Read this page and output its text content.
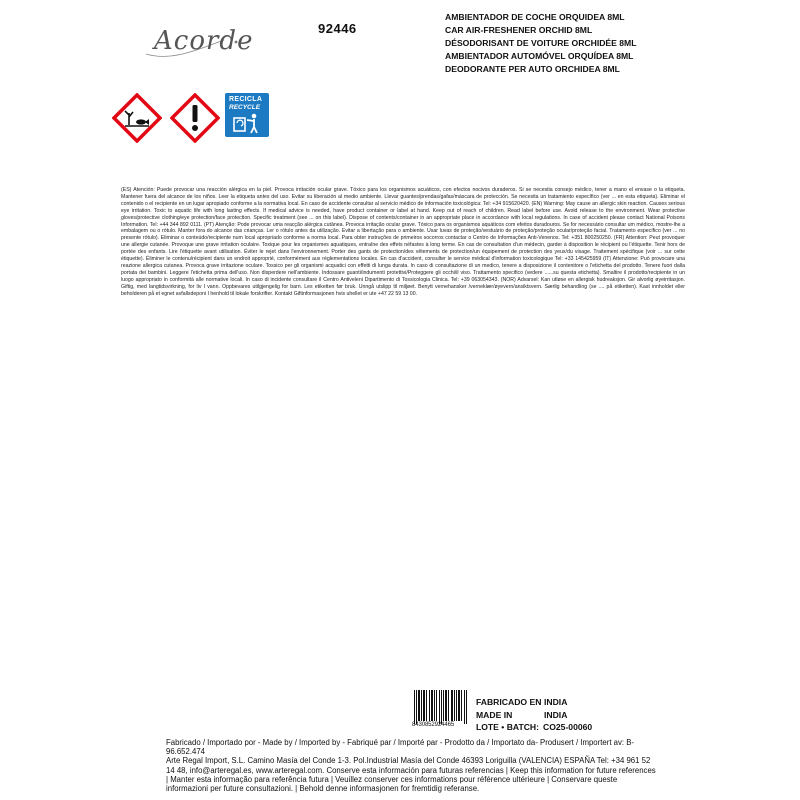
Acorde	92446
AMBIENTADOR DE COCHE ORQUIDEA 8ML
CAR AIR-FRESHENER ORCHID 8ML
DÉSODORISANT DE VOITURE ORCHIDÉE 8ML
AMBIENTADOR AUTOMÓVEL ORQUÍDEA 8ML
DEODORANTE PER AUTO ORCHIDEA 8ML
RECICLA
RECYCLE
(ES) Atención: Puede provocar una reacción alérgica en la piel. Provoca irritación ocular grave. Tóxico para los organismos acuáticos, con efectos nocivos duraderos. Si se necesita consejo médico, tener a mano el envase o la etiqueta. Mantener fuera del alcance de los niños. Leer la etiqueta antes del uso. Evitar su liberación al medio ambiente. Llevar guantes/prendas/gafas/máscara de protección. Se necesita un tratamiento específico (ver ... en esta etiqueta). Eliminar el contenido o el recipiente en un lugar apropiado conforme a la normativa local. En caso de accidente consultar al servicio médico de información toxicológica: Tel: +34 915620420. (EN) Warning: May cause an allergic skin reaction. Causes serious eye irritation. Toxic to aquatic life with long lasting effects. If medical advice is needed, have product container or label at hand. Keep out of reach of children. Read label before use. Avoid release to the environment. Wear protective gloves/protective clothing/eye protection/face protection. Specific treatment (see ... on this label). Dispose of contents/container in an appropriate place in accordance with local regulations. In case of accident please contact National Poisons Information. Tel: +44 344 892 0111. (PT) Atenção: Pode provocar uma reacção alérgica cutânea. Provoca irritação ocular grave. Tóxico para os organismos aquáticos com efeitos duradouros. Se for necessário consultar um médico, mostre-lhe a embalagem ou o rótulo. Manter fora do alcance das crianças. Ler o rótulo antes da utilização. Evitar a libertação para o ambiente. Usar luvas de proteção/vestuário de proteção/proteção ocular/proteção facial. Tratamento específico (ver ... no presente rótulo). Eliminar o conteúdo/recipiente num local apropriado conforme a norma local. Para obter instruções de primeiros socorros contactar o Centro de Informações Anti-Venenos. Tel: +351 800250250. (FR) Attention: Peut provoquer une allergie cutanée. Provoque une grave irritation oculaire. Toxique pour les organismes aquatiques, entraîne des effets néfastes à long terme. En cas de consultation d'un médecin, garder à disposition le récipient ou l'étiquette. Tenir hors de portée des enfants. Lire l'étiquette avant utilisation. Éviter le rejet dans l'environnement. Porter des gants de protection/des vêtements de protection/un équipement de protection des yeux/du visage. Traitement spécifique (voir ... sur cette étiquette). Éliminer le contenu/récipient dans un endroit approprié, conformément aux réglementations locales. En cas d'accident, consulter le service médical d'information toxicologique Tel: +33 145425959 (IT) Attenzione: Può provocare una reazione allergica cutanea. Provoca grave irritazione oculare. Tossico per gli organismi acquatici con effetti di lunga durata. In caso di consultazione di un medico, tenere a disposizione il contenitore o l'etichetta del prodotto. Tenere fuori dalla portata dei bambini. Leggere l'etichetta prima dell'uso. Non disperdere nell'ambiente. Indossare guanti/indumenti protettivi/Proteggere gli occhi/il viso. Trattamento specifico (vedere ......su questa etichetta). Smaltire il prodotto/recipiente in un luogo appropriato in conformità alle normative locali. In caso di incidente consultare il Centro Antiveleni Dipartimento di Tossicologia Clinica. Tel: +39 063054343. (NOR) Advarsel: Kan utløse en allergisk hudreaksjon. Gir alvorlig øyeirritasjon. Giftig, med langtidsvirkning, for liv I vann. Oppbevares utilgjengelig for barn. Les etiketten før bruk. Unngå utslipp til miljøet. Benytt vernehansker /verneklær/øyevern/ansiktsvern. Særlig behandling (se .... på etiketten). Kast innholdet eller beholderen på et egnet avfallsdeponi I henhold til lokale forskrifter. Kontakt Giftinformasjonen hvis uhellet er ute +47 22 59 13 00.
8430852924465
FABRICADO EN INDIA
MADE IN	INDIA
LOTE • BATCH: CO25-00060
Fabricado / Importado por - Made by / Imported by - Fabriqué par / Importé par - Prodotto da / Importato da- Produsert / Importert av: B-96.652.474
Arte Regal Import, S.L. Camino Masía del Conde 1-3. Pol.Industrial Masía del Conde 46393 Loriguilla (VALENCIA) ESPAÑA Tel: +34 961 52 14 48, info@arteregal.es, www.arteregal.com. Conserve esta información para futuras referencias | Keep this information for future references | Manter esta informação para referência futura | Veuillez conserver ces informations pour référence ultérieure | Conservare queste informazioni per future consultazioni. | Behold denne informasjonen for fremtidig referanse.
